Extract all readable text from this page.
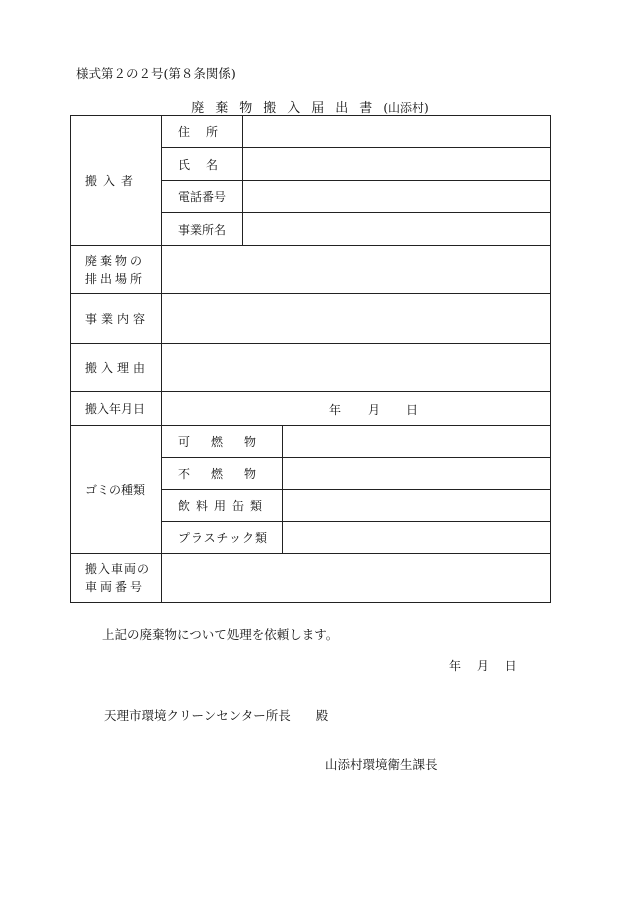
様式第２の２号(第８条関係)
廃棄物搬入届出書(山添村)
搬入者	住所		
	氏名		
	電話番号		
	事業所名		

廃棄物の
排出場所			

事業内容			
搬入理由			
搬入年月日	年 月 日		

ゴミの種類	可燃物		
	不燃物		
	飲料用缶類		
	プラスチック類		

搬入車両の
車両番号			

上記の廃棄物について処理を依頼します。
年 月 日
天理市環境クリーンセンター所長　　殿
山添村環境衛生課長
